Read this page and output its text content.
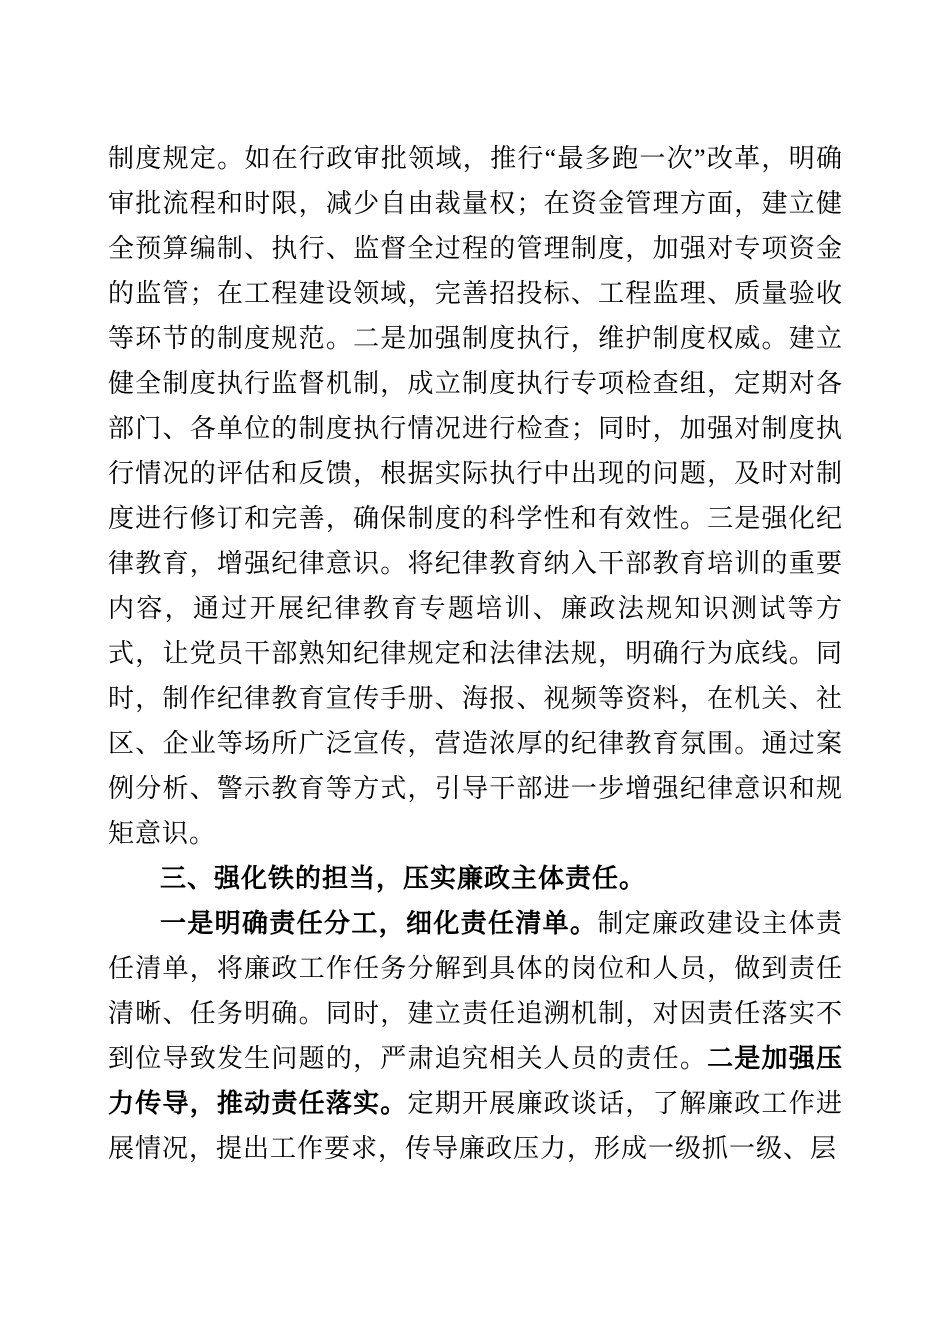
制度规定。如在行政审批领域，推行“最多跑一次”改革，明确审批流程和时限，减少自由裁量权；在资金管理方面，建立健全预算编制、执行、监督全过程的管理制度，加强对专项资金的监管；在工程建设领域，完善招投标、工程监理、质量验收等环节的制度规范。二是加强制度执行，维护制度权威。建立健全制度执行监督机制，成立制度执行专项检查组，定期对各部门、各单位的制度执行情况进行检查；同时，加强对制度执行情况的评估和反馈，根据实际执行中出现的问题，及时对制度进行修订和完善，确保制度的科学性和有效性。三是强化纪律教育，增强纪律意识。将纪律教育纳入干部教育培训的重要内容，通过开展纪律教育专题培训、廉政法规知识测试等方式，让党员干部熟知纪律规定和法律法规，明确行为底线。同时，制作纪律教育宣传手册、海报、视频等资料，在机关、社区、企业等场所广泛宣传，营造浓厚的纪律教育氛围。通过案例分析、警示教育等方式，引导干部进一步增强纪律意识和规矩意识。

三、强化铁的担当，压实廉政主体责任。

一是明确责任分工，细化责任清单。制定廉政建设主体责任清单，将廉政工作任务分解到具体的岗位和人员，做到责任清晰、任务明确。同时，建立责任追溯机制，对因责任落实不到位导致发生问题的，严肃追究相关人员的责任。二是加强压力传导，推动责任落实。定期开展廉政谈话，了解廉政工作进展情况，提出工作要求，传导廉政压力，形成一级抓一级、层
